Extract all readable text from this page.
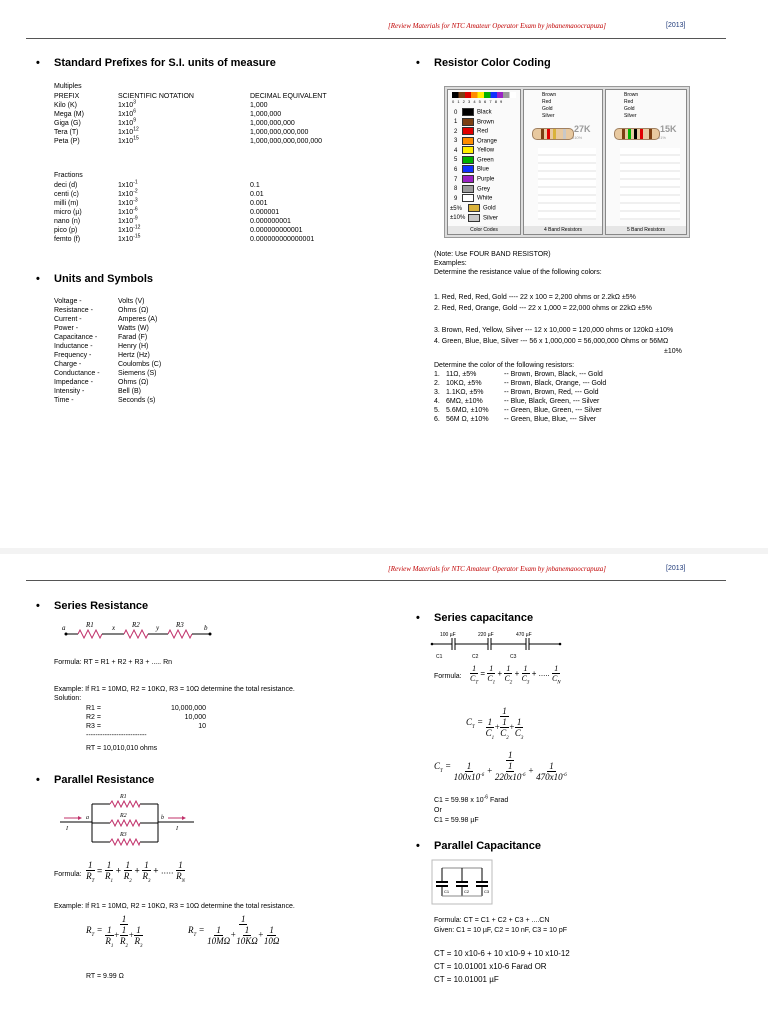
[Review Materials for NTC Amateur Operator Exam by jnbanemaoocrapuza]	[2013]
• Standard Prefixes for S.I. units of measure
Multiples
PREFIX	SCIENTIFIC NOTATION	DECIMAL EQUIVALENT
Kilo (K)	$1x10^3$	1,000
Mega (M)	$1x10^6$	1,000,000
Giga (G)	$1x10^9$	1,000,000,000
Tera (T)	$1x10^{12}$	1,000,000,000,000
Peta (P)	$1x10^{15}$	1,000,000,000,000,000
Fractions
deci (d)	$1x10^{-1}$	0.1
centi (c)	$1x10^{-2}$	0.01
milli (m)	$1x10^{-3}$	0.001
micro (µ)	$1x10^{-6}$	0.000001
nano (n)	$1x10^{-9}$	0.000000001
pico (p)	$1x10^{-12}$	0.000000000001
femto (f)	$1x10^{-15}$	0.000000000000001
• Units and Symbols
Voltage -	Volts (V)
Resistance -	Ohms (Ω)
Current -	Amperes (A)
Power -	Watts (W)
Capacitance -	Farad (F)
Inductance -	Henry (H)
Frequency -	Hertz (Hz)
Charge -	Coulombs (C)
Conductance -	Siemens (S)
Impedance -	Ohms (Ω)
Intensity -	Bell (B)
Time -	Seconds (s)
• Resistor Color Coding
0 1 2 3 4 5 6 7 8 9
0	Black
1	Brown
2	Red
3	Orange
4	Yellow
5	Green
6	Blue
7	Purple
8	Grey
9	White
±5%	Gold
±10%	Silver
Color Codes
Brown
Red
Gold
Silver
27K
±10%
4 Band Resistors
Brown
Red
Gold
Silver
15K
±1%
5 Band Resistors
(Note: Use FOUR BAND RESISTOR)
Examples:
Determine the resistance value of the following colors:
1. Red, Red, Red, Gold ---- 22 x 100 = 2,200 ohms or 2.2kΩ ±5%
2. Red, Red, Orange, Gold --- 22 x 1,000 = 22,000 ohms or 22kΩ ±5%
3. Brown, Red, Yellow, Silver --- 12 x 10,000 = 120,000 ohms or 120kΩ ±10%
4. Green, Blue, Blue, Silver --- 56 x 1,000,000 = 56,000,000 Ohms or 56MΩ
±10%
Determine the color of the following resistors:
1. 11Ω, ±5%	-- Brown, Brown, Black, --- Gold
2. 10KΩ, ±5%	-- Brown, Black, Orange, --- Gold
3. 1.1KΩ, ±5%	-- Brown, Brown, Red, --- Gold
4. 6MΩ, ±10%	-- Blue, Black, Green, --- Silver
5. 5.6MΩ, ±10% -- Green, Blue, Green, --- Silver
6. 56M Ω, ±10% -- Green, Blue, Blue, --- Silver
[Review Materials for NTC Amateur Operator Exam by jnbanemaoocrapuza]	[2013]
• Series Resistance
a	R1	x R2 y R3	b
Formula: RT = R1 + R2 + R3 + ..... Rn
Example: If R1 = 10MΩ, R2 = 10KΩ, R3 = 10Ω determine the total resistance.
Solution:
R1 =	10,000,000
R2 =	10,000
R3 =	10
--------------------------
RT = 10,010,010 ohms
• Parallel Resistance
R1
R2
R3
a	b
I	I
Formula: $\frac{1}{R_T} = \frac{1}{R_1} + \frac{1}{R_2} + \frac{1}{R_3}$ + ..... $\frac{1}{R_N}$
Example: If R1 = 10MΩ, R2 = 10KΩ, R3 = 10Ω determine the total resistance.
$R_T = \frac{1}{\frac{1}{R_1} + \frac{1}{R_2} + \frac{1}{R_3}}$	$R_T = \frac{1}{\frac{1}{10M\Omega} + \frac{1}{10K\Omega} + \frac{1}{10\Omega}}$
RT = 9.99 Ω
• Series capacitance
100 µF	220 µF	470 µF
C1	C2	C3
Formula: $\frac{1}{C_T} = \frac{1}{C_1} + \frac{1}{C_2} + \frac{1}{C_3}$ + ..... $\frac{1}{C_N}$
$C_T = \frac{1}{\frac{1}{C_1} + \frac{1}{C_2} + \frac{1}{C_3}}$
$C_T = \frac{1}{\frac{1}{100x10^{-6}} + \frac{1}{220x10^{-6}} + \frac{1}{470x10^{-6}}}$
C1 = 59.98 x $10^{-6}$ Farad
Or
C1 = 59.98 µF
• Parallel Capacitance
C1	C2	C3
Formula: CT = C1 + C2 + C3 + ....CN
Given: C1 = 10 µF, C2 = 10 nF, C3 = 10 pF
CT = 10 x10-6 + 10 x10-9 + 10 x10-12
CT = 10.01001 x10-6 Farad OR
CT = 10.01001 µF
